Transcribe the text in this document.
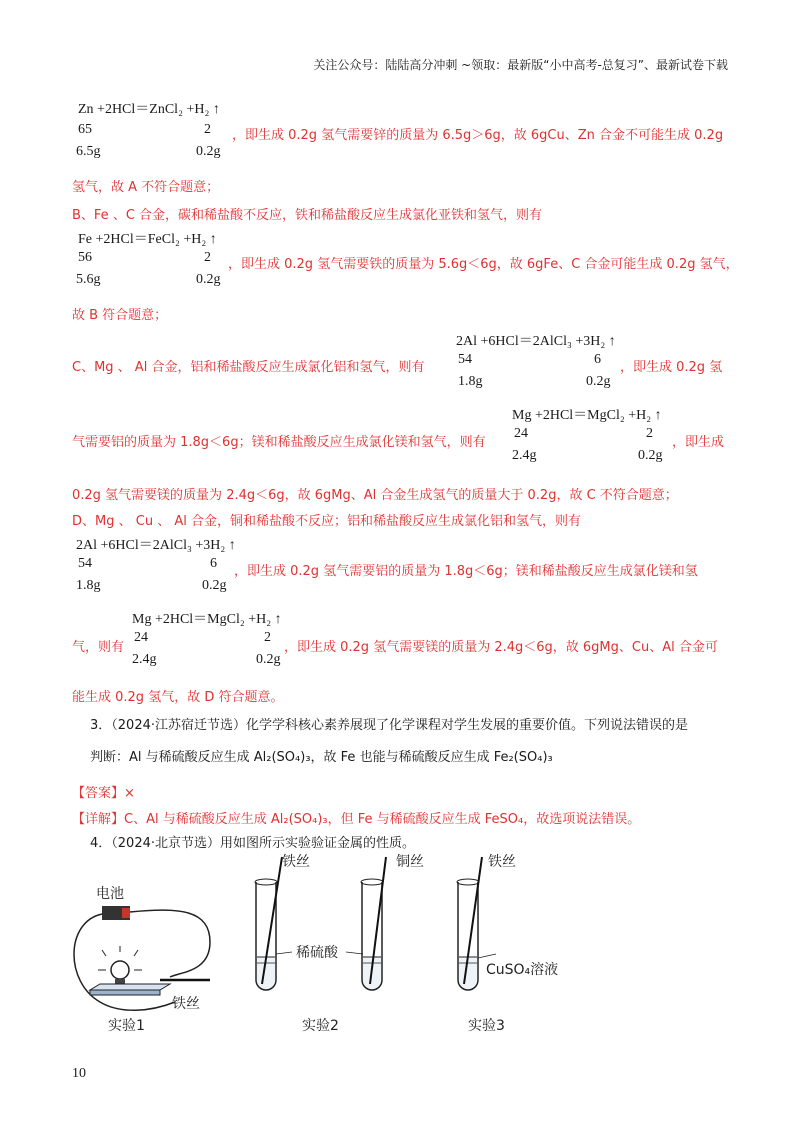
关注公众号：陆陆高分冲刺 ~领取：最新版“小中高考-总复习”、最新试卷下载
Zn +2HCl＝ZnCl₂ +H₂ ↑
65	2 ，即生成 0.2g 氢气需要锌的质量为 6.5g＞6g，故 6gCu、Zn 合金不可能生成 0.2g
6.5g	0.2g
氢气，故 A 不符合题意；
B、Fe 、C 合金，碳和稀盐酸不反应，铁和稀盐酸反应生成氯化亚铁和氢气，则有
Fe +2HCl＝FeCl₂ +H₂ ↑
56	2 ，即生成 0.2g 氢气需要铁的质量为 5.6g＜6g，故 6gFe、C 合金可能生成 0.2g 氢气，
5.6g	0.2g
故 B 符合题意；
2Al +6HCl＝2AlCl₃ +3H₂ ↑
C、Mg 、 Al 合金，铝和稀盐酸反应生成氯化铝和氢气，则有
54	6
，即生成 0.2g 氢
1.8g	0.2g
Mg +2HCl＝MgCl₂ +H₂ ↑
气需要铝的质量为 1.8g＜6g；镁和稀盐酸反应生成氯化镁和氢气，则有
24	2
，即生成
2.4g	0.2g
0.2g 氢气需要镁的质量为 2.4g＜6g，故 6gMg、Al 合金生成氢气的质量大于 0.2g，故 C 不符合题意；
D、Mg 、 Cu 、 Al 合金，铜和稀盐酸不反应；铝和稀盐酸反应生成氯化铝和氢气，则有
2Al +6HCl＝2AlCl₃ +3H₂ ↑
54	6
，即生成 0.2g 氢气需要铝的质量为 1.8g＜6g；镁和稀盐酸反应生成氯化镁和氢
1.8g	0.2g
Mg +2HCl＝MgCl₂ +H₂ ↑
气，则有
24	2
，即生成 0.2g 氢气需要镁的质量为 2.4g＜6g，故 6gMg、Cu、Al 合金可
2.4g	0.2g
能生成 0.2g 氢气，故 D 符合题意。
3．（2024·江苏宿迁节选）化学学科核心素养展现了化学课程对学生发展的重要价值。下列说法错误的是
判断：Al 与稀硫酸反应生成 Al₂(SO₄)₃，故 Fe 也能与稀硫酸反应生成 Fe₂(SO₄)₃
【答案】×
【详解】C、Al 与稀硫酸反应生成 Al₂(SO₄)₃，但 Fe 与稀硫酸反应生成 FeSO₄，故选项说法错误。
4．（2024·北京节选）用如图所示实验验证金属的性质。
电池
铁丝
实验1
铁丝	铜丝
稀硫酸
实验2
铁丝
CuSO₄溶液
实验3
10
